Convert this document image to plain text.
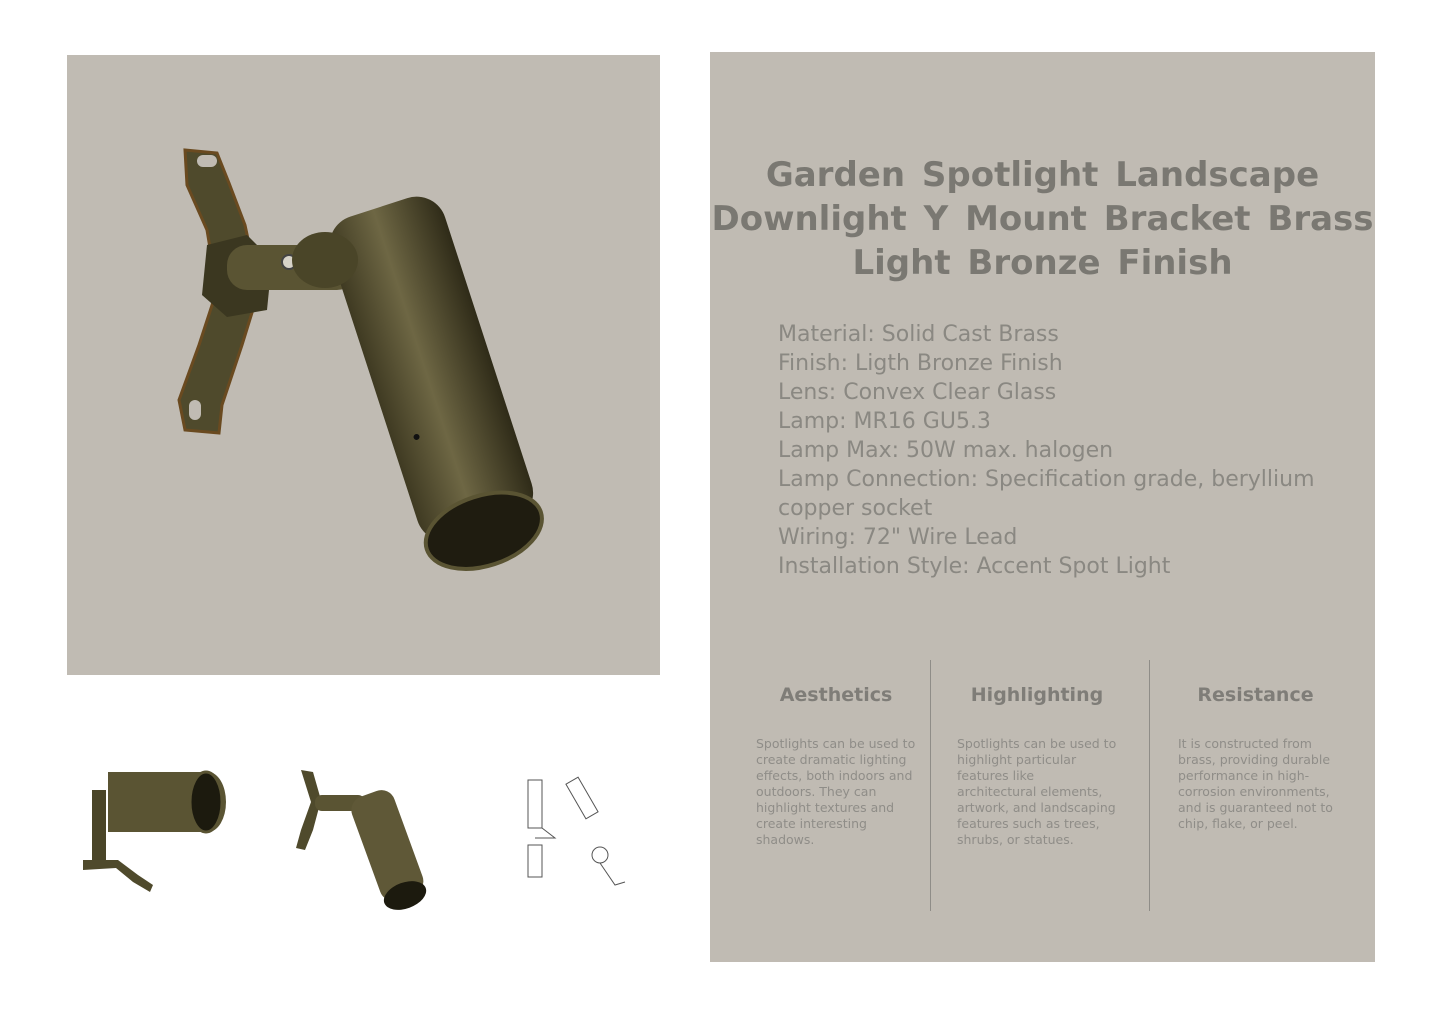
Garden Spotlight Landscape
Downlight Y Mount Bracket Brass
Light Bronze Finish
Material: Solid Cast Brass
Finish: Ligth Bronze Finish
Lens: Convex Clear Glass
Lamp: MR16 GU5.3
Lamp Max: 50W max. halogen
Lamp Connection: Specification grade, beryllium
copper socket
Wiring: 72" Wire Lead
Installation Style: Accent Spot Light
Aesthetics

Spotlights can be used to create dramatic lighting effects, both indoors and outdoors. They can highlight textures and create interesting shadows.

Highlighting

Spotlights can be used to highlight particular features like architectural elements, artwork, and landscaping features such as trees, shrubs, or statues.

Resistance

It is constructed from brass, providing durable performance in high-corrosion environments, and is guaranteed not to chip, flake, or peel.
